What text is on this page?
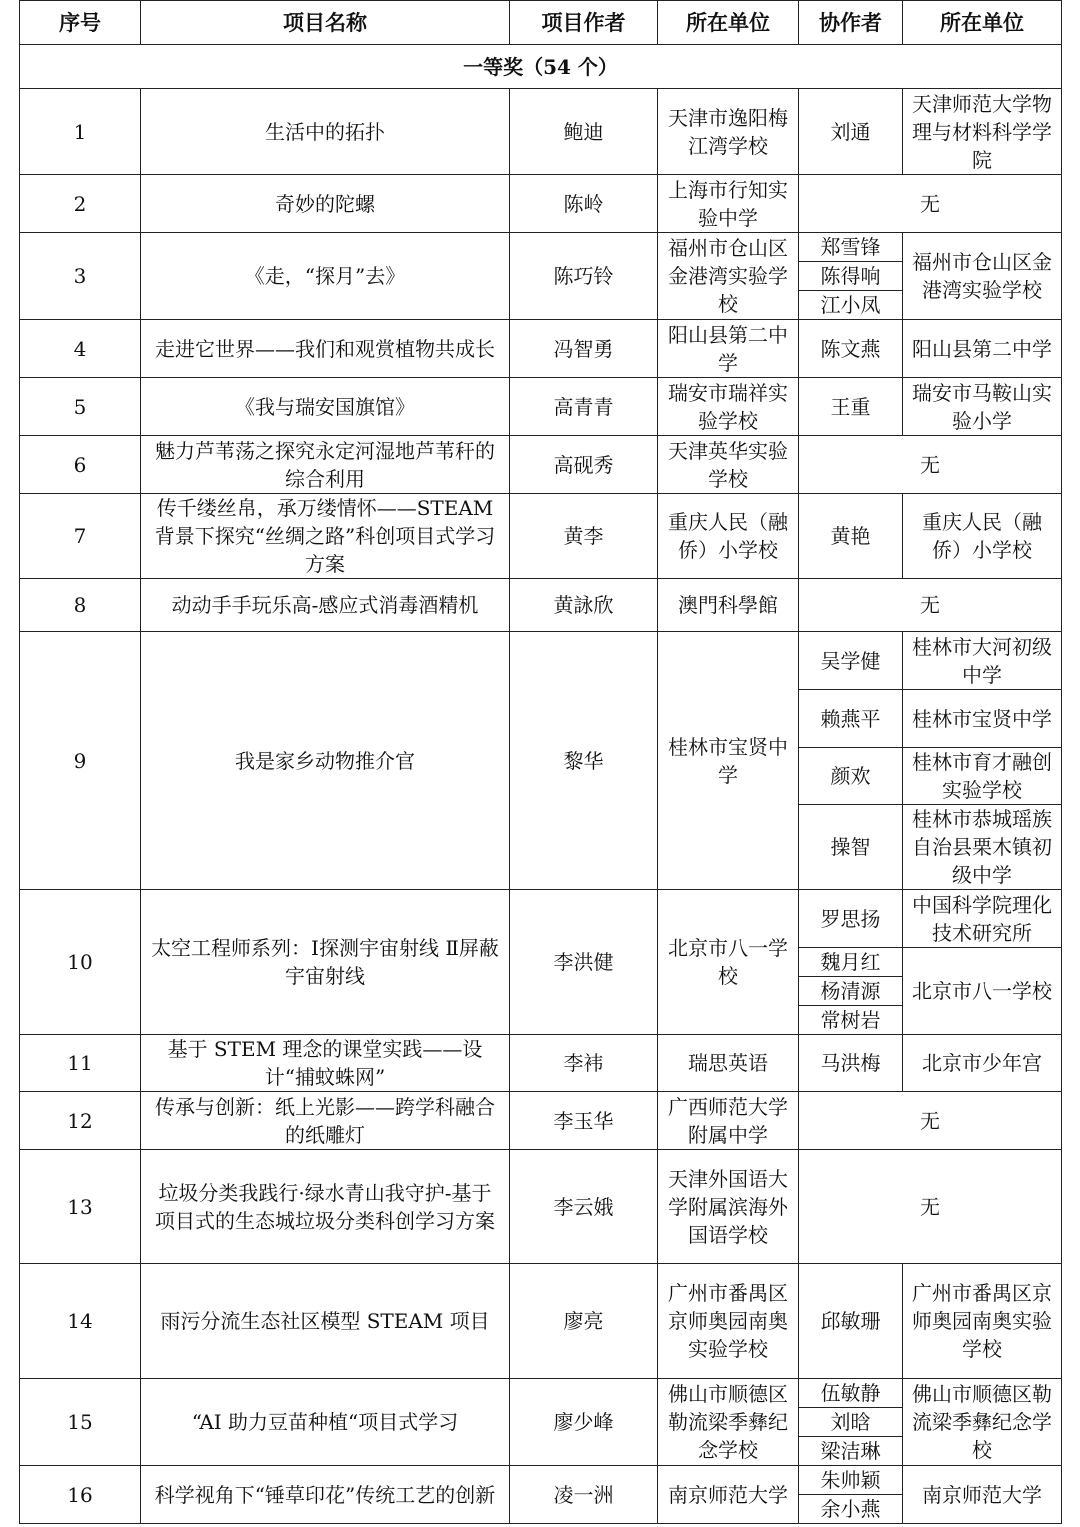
序号	项目名称	项目作者	所在单位	协作者	所在单位
一等奖（54 个）					
1	生活中的拓扑	鲍迪	天津市逸阳梅江湾学校	刘通	天津师范大学物理与材料科学学院
2	奇妙的陀螺	陈岭	上海市行知实验中学	无	
3	《走，“探月”去》	陈巧铃	福州市仓山区金港湾实验学校	郑雪锋	福州市仓山区金港湾实验学校
				陈得响	
				江小凤	
4	走进它世界——我们和观赏植物共成长	冯智勇	阳山县第二中学	陈文燕	阳山县第二中学
5	《我与瑞安国旗馆》	高青青	瑞安市瑞祥实验学校	王重	瑞安市马鞍山实验小学
6	魅力芦苇荡之探究永定河湿地芦苇秆的综合利用	高砚秀	天津英华实验学校	无	
7	传千缕丝帛，承万缕情怀——STEAM 背景下探究“丝绸之路”科创项目式学习方案	黄李	重庆人民（融侨）小学校	黄艳	重庆人民（融侨）小学校
8	动动手手玩乐高-感应式消毒酒精机	黄詠欣	澳門科學館	无	
9	我是家乡动物推介官	黎华	桂林市宝贤中学	吴学健	桂林市大河初级中学
				赖燕平	桂林市宝贤中学
				颜欢	桂林市育才融创实验学校
				操智	桂林市恭城瑶族自治县栗木镇初级中学
10	太空工程师系列：Ⅰ探测宇宙射线 Ⅱ屏蔽宇宙射线	李洪健	北京市八一学校	罗思扬	中国科学院理化技术研究所
				魏月红	北京市八一学校
				杨清源	
				常树岩	
11	基于 STEM 理念的课堂实践——设计“捕蚊蛛网”	李袆	瑞思英语	马洪梅	北京市少年宫
12	传承与创新：纸上光影——跨学科融合的纸雕灯	李玉华	广西师范大学附属中学	无	
13	垃圾分类我践行·绿水青山我守护-基于项目式的生态城垃圾分类科创学习方案	李云娥	天津外国语大学附属滨海外国语学校	无	
14	雨污分流生态社区模型 STEAM 项目	廖亮	广州市番禺区京师奥园南奥实验学校	邱敏珊	广州市番禺区京师奥园南奥实验学校
15	“AI 助力豆苗种植“项目式学习	廖少峰	佛山市顺德区勒流梁季彝纪念学校	伍敏静	佛山市顺德区勒流梁季彝纪念学校
				刘晗	
				梁洁琳	
16	科学视角下“锤草印花”传统工艺的创新	凌一洲	南京师范大学	朱帅颖	南京师范大学
				余小燕	
